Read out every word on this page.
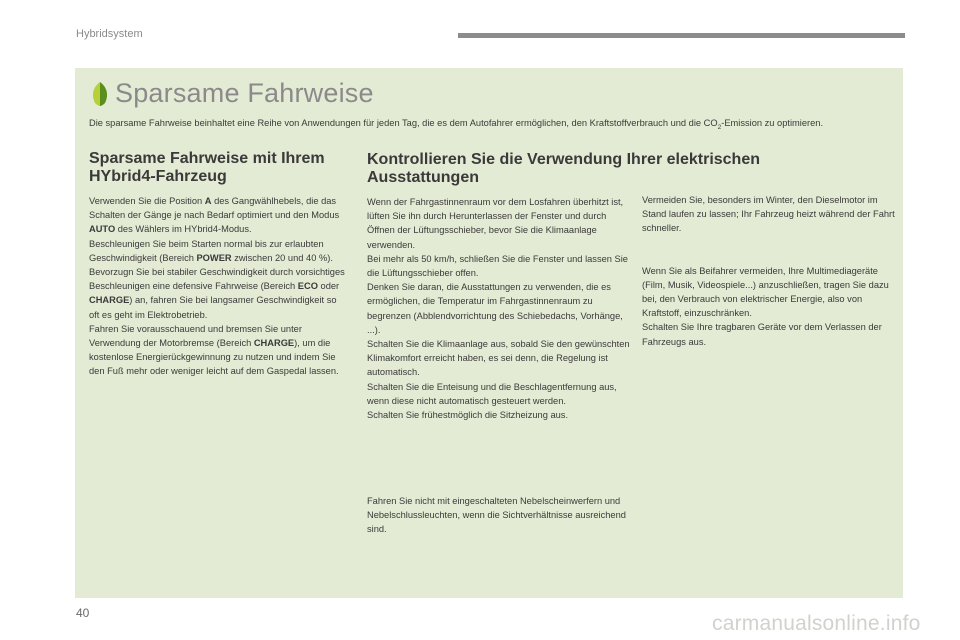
Hybridsystem
Sparsame Fahrweise

Die sparsame Fahrweise beinhaltet eine Reihe von Anwendungen für jeden Tag, die es dem Autofahrer ermöglichen, den Kraftstoffverbrauch und die $CO_2$-Emission zu optimieren.

Sparsame Fahrweise mit Ihrem HYbrid4-Fahrzeug

Verwenden Sie die Position A des Gangwählhebels, die das Schalten der Gänge je nach Bedarf optimiert und den Modus AUTO des Wählers im HYbrid4-Modus.

Beschleunigen Sie beim Starten normal bis zur erlaubten Geschwindigkeit (Bereich POWER zwischen 20 und 40 %).

Bevorzugn Sie bei stabiler Geschwindigkeit durch vorsichtiges Beschleunigen eine defensive Fahrweise (Bereich ECO oder CHARGE) an, fahren Sie bei langsamer Geschwindigkeit so oft es geht im Elektrobetrieb.

Fahren Sie vorausschauend und bremsen Sie unter Verwendung der Motorbremse (Bereich CHARGE), um die kostenlose Energierückgewinnung zu nutzen und indem Sie den Fuß mehr oder weniger leicht auf dem Gaspedal lassen.

Kontrollieren Sie die Verwendung Ihrer elektrischen Ausstattungen

Wenn der Fahrgastinnenraum vor dem Losfahren überhitzt ist, lüften Sie ihn durch Herunterlassen der Fenster und durch Öffnen der Lüftungsschieber, bevor Sie die Klimaanlage verwenden.

Bei mehr als 50 km/h, schließen Sie die Fenster und lassen Sie die Lüftungsschieber offen.

Denken Sie daran, die Ausstattungen zu verwenden, die es ermöglichen, die Temperatur im Fahrgastinnenraum zu begrenzen (Abblendvorrichtung des Schiebedachs, Vorhänge, ...).

Schalten Sie die Klimaanlage aus, sobald Sie den gewünschten Klimakomfort erreicht haben, es sei denn, die Regelung ist automatisch.

Schalten Sie die Enteisung und die Beschlagentfernung aus, wenn diese nicht automatisch gesteuert werden.

Schalten Sie frühestmöglich die Sitzheizung aus.

Fahren Sie nicht mit eingeschalteten Nebelscheinwerfern und Nebelschlussleuchten, wenn die Sichtverhältnisse ausreichend sind.

Vermeiden Sie, besonders im Winter, den Dieselmotor im Stand laufen zu lassen; Ihr Fahrzeug heizt während der Fahrt schneller.

Wenn Sie als Beifahrer vermeiden, Ihre Multimediageräte (Film, Musik, Videospiele...) anzuschließen, tragen Sie dazu bei, den Verbrauch von elektrischer Energie, also von Kraftstoff, einzuschränken.

Schalten Sie Ihre tragbaren Geräte vor dem Verlassen der Fahrzeugs aus.

40	carmanualsonline.info
